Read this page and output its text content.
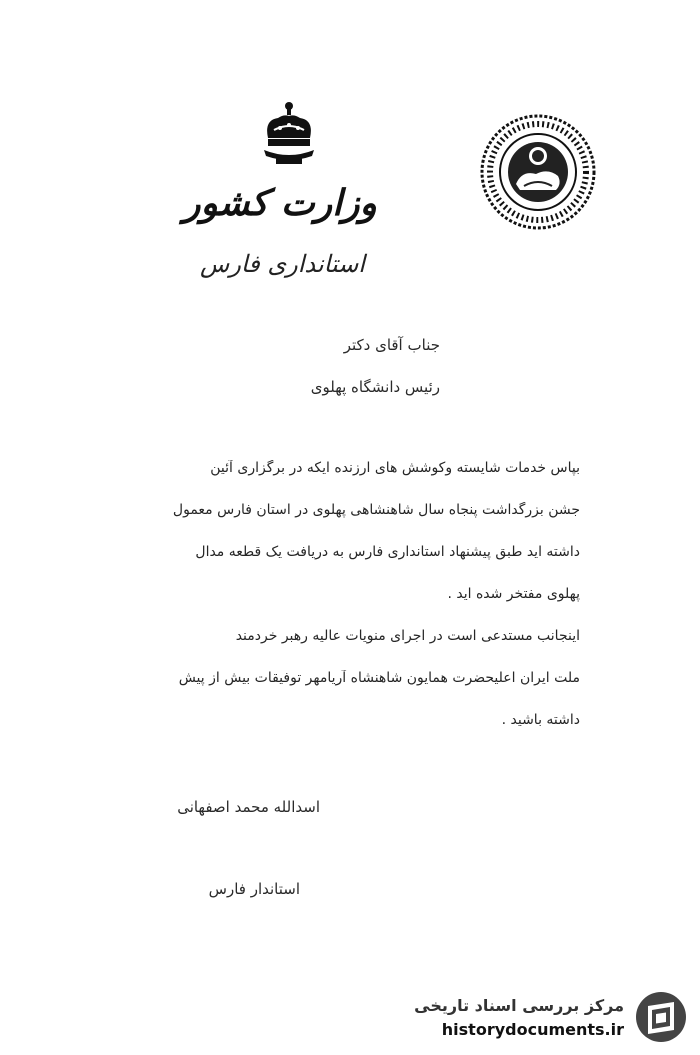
وزارت کشور
استانداری فارس
جناب آقای دکتر
رئیس دانشگاه پهلوی
بپاس خدمات شایسته وکوشش های ارزنده ایکه در برگزاری آئین
جشن بزرگداشت پنجاه سال شاهنشاهی پهلوی در استان فارس معمول
داشته اید طبق پیشنهاد استانداری فارس به دریافت یک قطعه مدال
پهلوی مفتخر شده اید .
اینجانب مستدعی است در اجرای منویات عالیه رهبر خردمند
ملت ایران اعلیحضرت همایون شاهنشاه آریامهر توفیقات بیش از پیش
داشته باشید .
اسدالله محمد اصفهانی
استاندار فارس
مرکز بررسی اسناد تاریخی
historydocuments.ir
